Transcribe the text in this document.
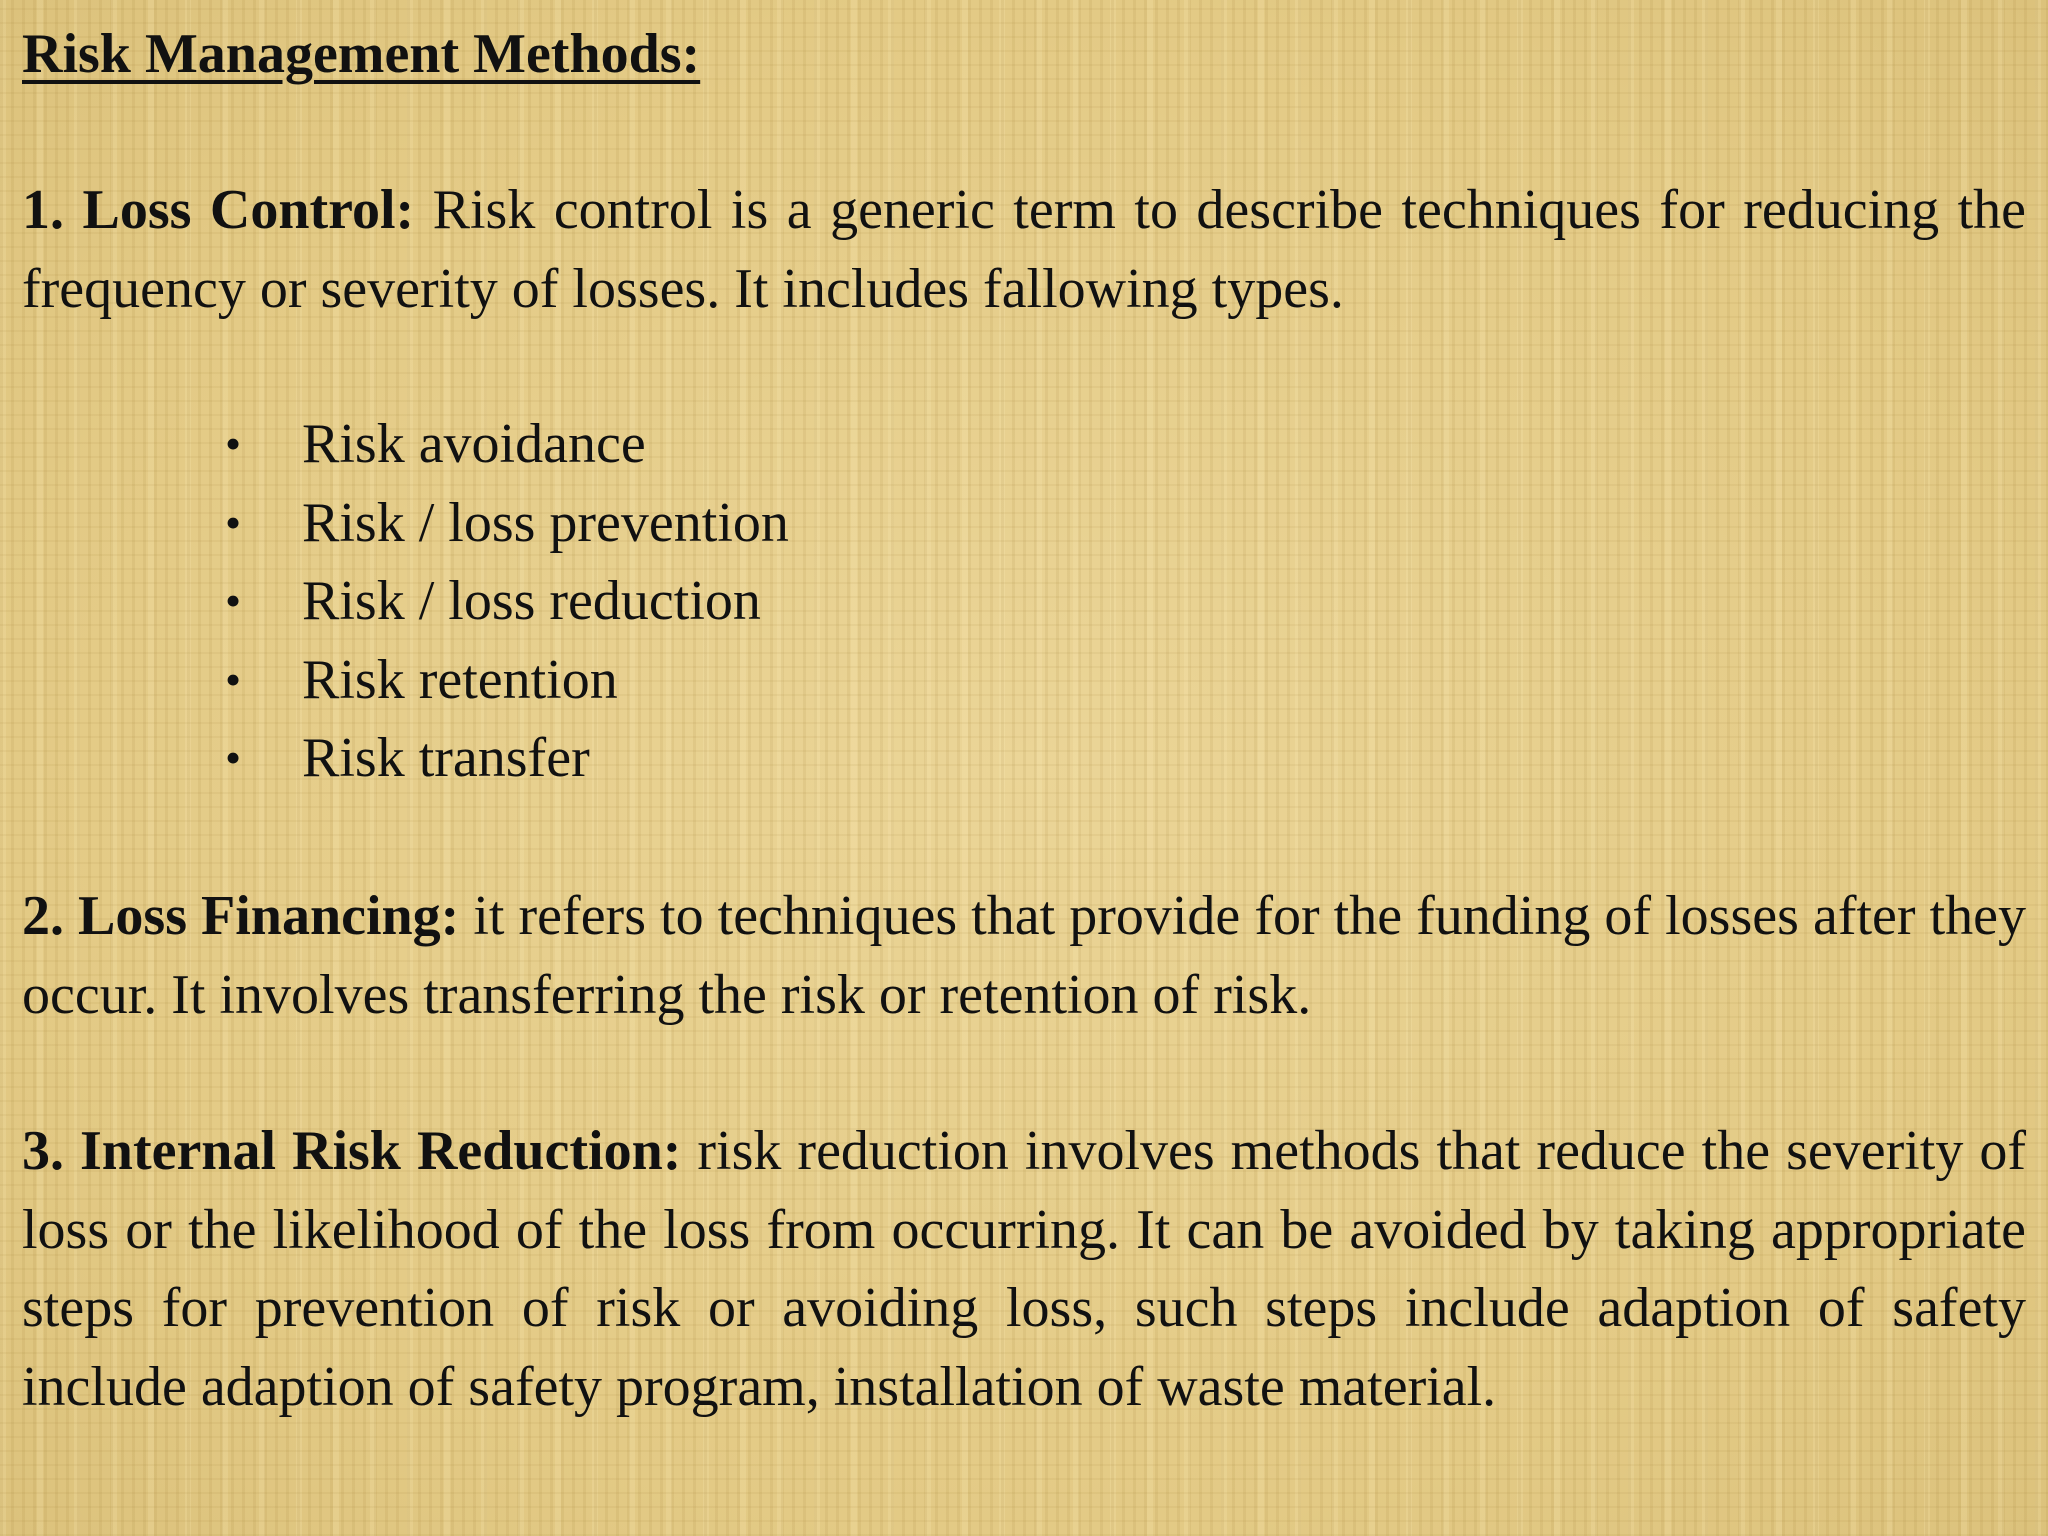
Risk Management Methods:

1. Loss Control: Risk control is a generic term to describe techniques for reducing the frequency or severity of losses. It includes fallowing types.

• Risk avoidance
• Risk / loss prevention
• Risk / loss reduction
• Risk retention
• Risk transfer

2. Loss Financing: it refers to techniques that provide for the funding of losses after they occur. It involves transferring the risk or retention of risk.

3. Internal Risk Reduction: risk reduction involves methods that reduce the severity of loss or the likelihood of the loss from occurring. It can be avoided by taking appropriate steps for prevention of risk or avoiding loss, such steps include adaption of safety include adaption of safety program, installation of waste material.
